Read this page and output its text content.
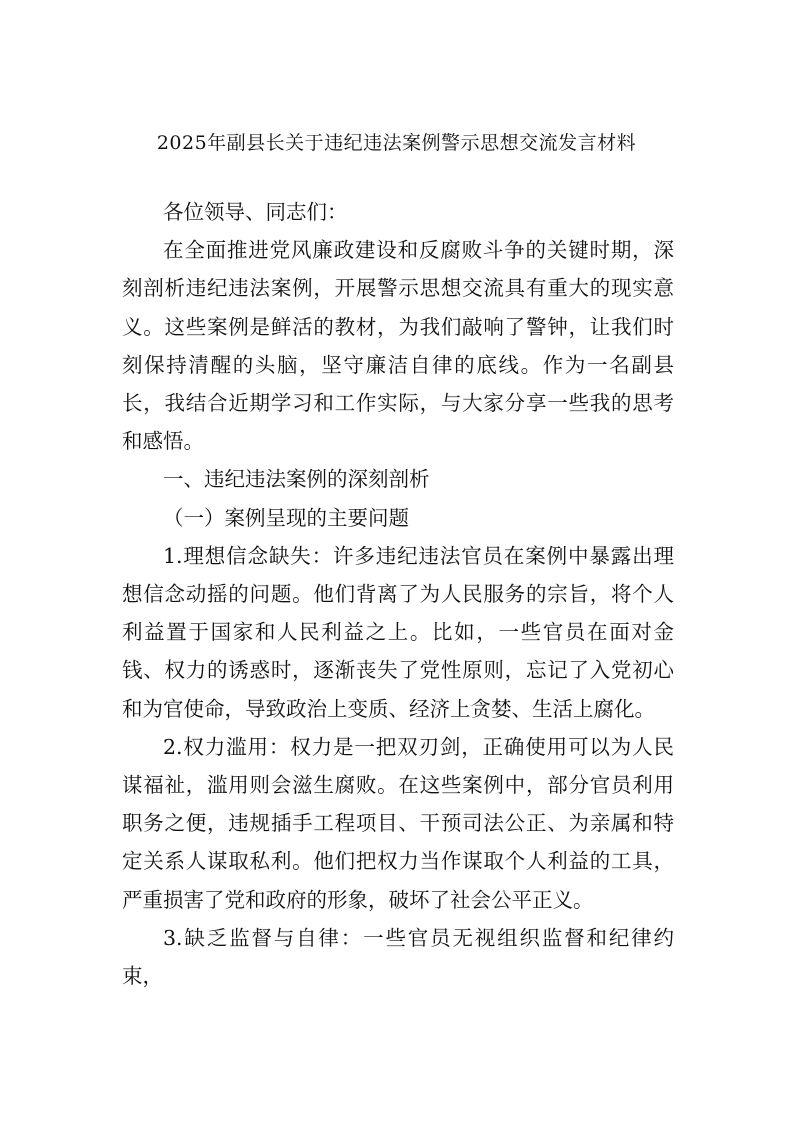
2025年副县长关于违纪违法案例警示思想交流发言材料

各位领导、同志们：

在全面推进党风廉政建设和反腐败斗争的关键时期，深刻剖析违纪违法案例，开展警示思想交流具有重大的现实意义。这些案例是鲜活的教材，为我们敲响了警钟，让我们时刻保持清醒的头脑，坚守廉洁自律的底线。作为一名副县长，我结合近期学习和工作实际，与大家分享一些我的思考和感悟。

一、违纪违法案例的深刻剖析

（一）案例呈现的主要问题

1.理想信念缺失：许多违纪违法官员在案例中暴露出理想信念动摇的问题。他们背离了为人民服务的宗旨，将个人利益置于国家和人民利益之上。比如，一些官员在面对金钱、权力的诱惑时，逐渐丧失了党性原则，忘记了入党初心和为官使命，导致政治上变质、经济上贪婪、生活上腐化。

2.权力滥用：权力是一把双刃剑，正确使用可以为人民谋福祉，滥用则会滋生腐败。在这些案例中，部分官员利用职务之便，违规插手工程项目、干预司法公正、为亲属和特定关系人谋取私利。他们把权力当作谋取个人利益的工具，严重损害了党和政府的形象，破坏了社会公平正义。

3.缺乏监督与自律：一些官员无视组织监督和纪律约束，
